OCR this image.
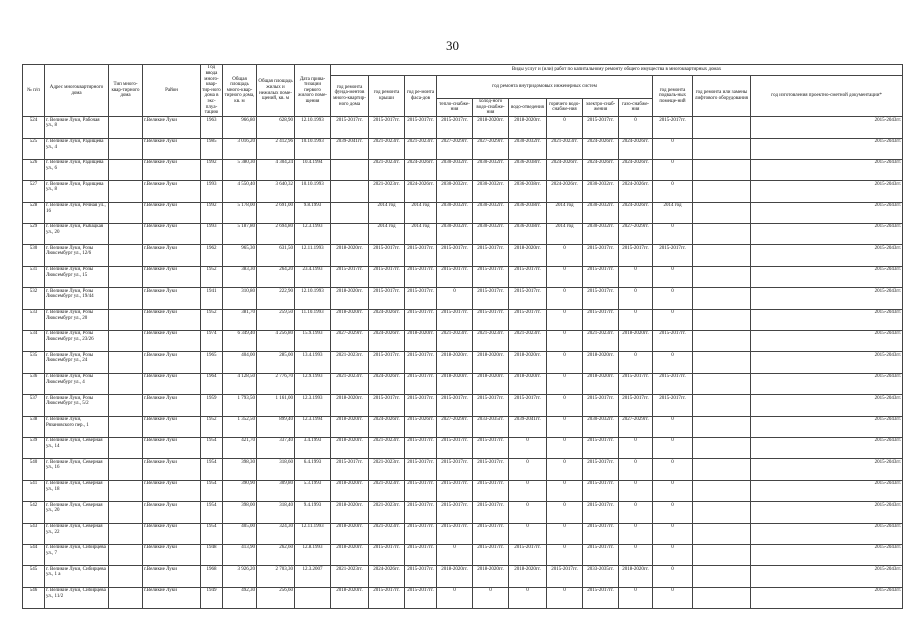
30
№ п/п	Адрес многоквартирного дома	Тип много-квар-тирного дома	Район	Год ввода много-квар-тир-ного дома в экс-плуа-тацию	Общая площадь много-квар-тирного дома, кв. м	Общая площадь жилых и нежилых поме-щений, кв. м	Дата прива-тизации первого жилого поме-щения	Виды услуг и (или) работ по капитальному ремонту общего имущества в многоквартирных домах											
								год ремонта фунда-ментов много-квартир-ного дома	год ремонта крыши	год ре-монта фаса-дов	год ремонта внутридомовых инженерных систем						год ремонта подваль-ных помеще-ний	год ремонта или замены лифтового оборудования	год изготовления проектно-сметной документации*
											тепло-снабже-ния	холод-ного водо-снабже-ния	водо-отведения	горячего водо-снабже-ния	электро-снаб-жения	газо-снабже-ния			
524	г. Великие Луки, Рабочая ул., 8		г.Великие Луки	1963	966,80	628,90	12.10.1993	2015-2017гг.	2015-2017гг.	2015-2017гг.	2015-2017гг.	2018-2020гг.	2018-2020гг.	0	2015-2017гг.	0	2015-2017гг.		2015-2043гг.
525	г. Великие Луки, Радищева ул., 4		г.Великие Луки	1985	3 016,20	2 412,96	10.10.1993	2039-2041гг.	2021-2023гг.	2021-2023гг.	2027-2029гг.	2027-2029гг.	2030-2032гг.	2021-2023гг.	2024-2026гг.	2024-2026гг.	0		2015-2043гг.
526	г. Великие Луки, Радищева ул., 6		г.Великие Луки	1992	5 380,30	4 304,24	10.4.1994		2021-2023гг.	2024-2026гг.	2030-2032гг.	2030-2032гг.	2036-2038гг.	2024-2026гг.	2024-2026гг.	2024-2026гг.	0		2015-2043гг.
527	г. Великие Луки, Радищева ул., 8		г.Великие Луки	1993	4 550,40	3 640,32	10.10.1993		2021-2023гг.	2024-2026гг.	2030-2032гг.	2030-2032гг.	2036-2038гг.	2024-2026гг.	2030-2032гг.	2024-2026гг.	0		2015-2043гг.
528	г. Великие Луки, Речная ул., 16		г.Великие Луки	1992	5 178,00	2 691,00	9.8.1993		2014 год	2014 год	2030-2032гг.	2030-2032гг.	2036-2038гг.	2014 год	2030-2032гг.	2024-2026гг.	2014 год		2015-2043гг.
529	г. Великие Луки, Рыбацкая ул., 20		г.Великие Луки	1993	5 187,80	2 694,80	12.3.1993		2014 год	2014 год	2030-2032гг.	2030-2032гг.	2036-2038гг.	2014 год	2030-2032гг.	2027-2029гг.	0		2015-2043гг.
530	г. Великие Луки, Розы Люксембург ул., 12/6		г.Великие Луки	1962	965,30	631,50	12.11.1993	2018-2020гг.	2015-2017гг.	2015-2017гг.	2015-2017гг.	2015-2017гг.	2018-2020гг.	0	2015-2017гг.	2015-2017гг.	2015-2017гг.		2015-2043гг.
531	г. Великие Луки, Розы Люксембург ул., 15		г.Великие Луки	1952	383,30	264,20	23.4.1993	2015-2017гг.	2015-2017гг.	2015-2017гг.	2015-2017гг.	2015-2017гг.	2015-2017гг.	0	2015-2017гг.	0	0		2015-2043гг.
532	г. Великие Луки, Розы Люксембург ул., 19/44		г.Великие Луки	1941	310,80	222,90	12.10.1993	2018-2020гг.	2015-2017гг.	2015-2017гг.	0	2015-2017гг.	2015-2017гг.	0	2015-2017гг.	0	0		2015-2043гг.
533	г. Великие Луки, Розы Люксембург ул., 20		г.Великие Луки	1952	381,70	259,50	11.10.1993	2018-2020гг.	2024-2026гг.	2015-2017гг.	2015-2017гг.	2015-2017гг.	2015-2017гг.	0	2015-2017гг.	0	0		2015-2043гг.
534	г. Великие Луки, Розы Люксембург ул., 23/26		г.Великие Луки	1974	6 349,40	4 256,80	15.9.1993	2027-2029гг.	2024-2026гг.	2018-2020гг.	2021-2023гг.	2021-2023гг.	2021-2023гг.	0	2021-2023гг.	2018-2020гг.	2015-2017гг.		2015-2043гг.
535	г. Великие Луки, Розы Люксембург ул., 24		г.Великие Луки	1965	404,00	285,00	13.4.1993	2021-2023гг.	2015-2017гг.	2015-2017гг.	2018-2020гг.	2018-2020гг.	2018-2020гг.	0	2018-2020гг.	0	0		2015-2043гг.
536	г. Великие Луки, Розы Люксембург ул., 4		г.Великие Луки	1964	4 128,50	2 776,70	12.9.1993	2021-2023гг.	2024-2026гг.	2015-2017гг.	2018-2020гг.	2018-2020гг.	2018-2020гг.	0	2018-2020гг.	2015-2017гг.	2015-2017гг.		2015-2043гг.
537	г. Великие Луки, Розы Люксембург ул., 5/2		г.Великие Луки	1959	1 793,50	1 161,00	12.3.1993	2018-2020гг.	2015-2017гг.	2015-2017гг.	2015-2017гг.	2015-2017гг.	2015-2017гг.	0	2015-2017гг.	2015-2017гг.	2015-2017гг.		2015-2043гг.
538	г. Великие Луки, Рязановского пер., 1		г.Великие Луки	1952	1 352,50	899,40	12.3.1994	2018-2020гг.	2024-2026гг.	2015-2026гг.	2027-2029гг.	2033-2035гг.	2039-2041гг.	0	2030-2032гг.	2027-2029гг.	0		2015-2043гг.
539	г. Великие Луки, Северная ул., 14		г.Великие Луки	1954	421,70	337,40	3.4.1993	2018-2020гг.	2021-2023гг.	2015-2017гг.	2015-2017гг.	2015-2017гг.	0	0	2015-2017гг.	0	0		2015-2043гг.
540	г. Великие Луки, Северная ул., 16		г.Великие Луки	1954	398,30	318,60	6.4.1993	2015-2017гг.	2021-2023гг.	2015-2017гг.	2015-2017гг.	2015-2017гг.	0	0	2015-2017гг.	0	0		2015-2043гг.
541	г. Великие Луки, Северная ул., 18		г.Великие Луки	1954	390,90	309,80	5.3.1993	2018-2020гг.	2021-2023гг.	2015-2017гг.	2015-2017гг.	2015-2017гг.	0	0	2015-2017гг.	0	0		2015-2043гг.
542	г. Великие Луки, Северная ул., 20		г.Великие Луки	1954	398,00	318,40	9.4.1993	2018-2020гг.	2021-2023гг.	2015-2017гг.	2015-2017гг.	2015-2017гг.	0	0	2015-2017гг.	0	0		2015-2043гг.
543	г. Великие Луки, Северная ул., 22		г.Великие Луки	1954	405,00	324,30	12.11.1993	2018-2020гг.	2021-2023гг.	2015-2017гг.	2015-2017гг.	2015-2017гг.	0	0	2015-2017гг.	0	0		2015-2043гг.
544	г. Великие Луки, Сибирцева ул., 7		г.Великие Луки	1948	413,90	262,60	12.8.1993	2018-2020гг.	2015-2017гг.	2015-2017гг.	0	2015-2017гг.	2015-2017гг.	0	2015-2017гг.	0	0		2015-2043гг.
545	г. Великие Луки, Сибирцева ул., 1 а		г.Великие Луки	1968	3 926,20	2 703,30	12.3.2007	2021-2023гг.	2024-2026гг.	2015-2017гг.	2018-2020гг.	2018-2020гг.	2018-2020гг.	2015-2017гг.	2033-2035гг.	2018-2020гг.	0		2015-2043гг.
546	г. Великие Луки, Сибирцева ул., 11/2		г.Великие Луки	1949	492,30	256,60		2018-2020гг.	2015-2017гг.	2015-2017гг.	0	0	0	0	2015-2017гг.	0	0		2015-2043гг.
